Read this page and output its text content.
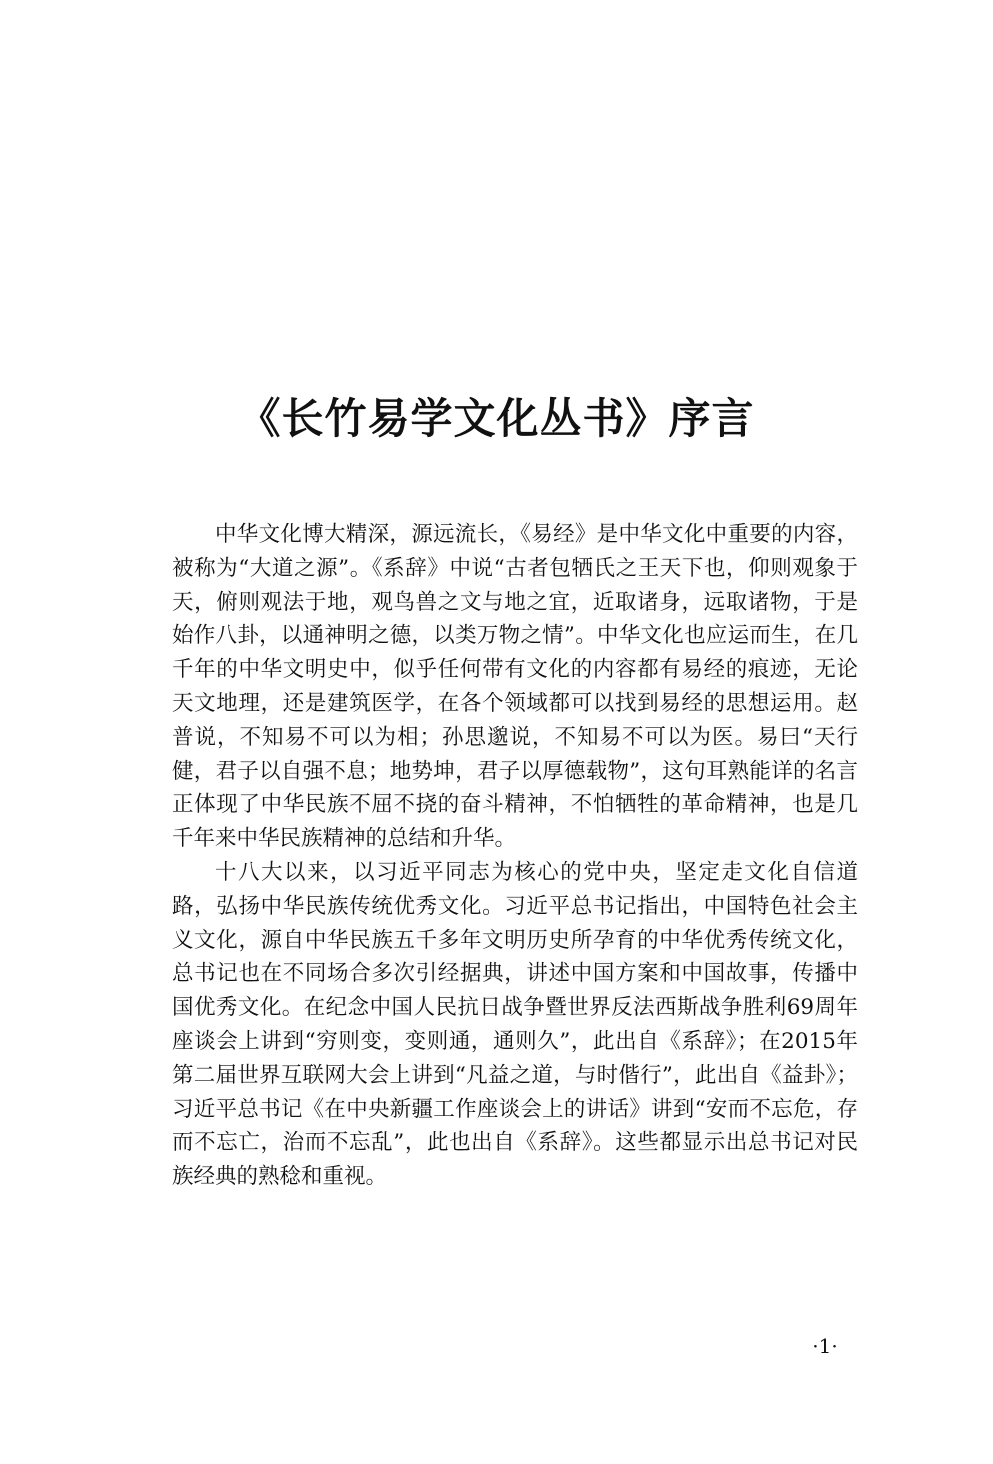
《长竹易学文化丛书》序言

中华文化博大精深，源远流长，《易经》是中华文化中重要的内容，被称为“大道之源”。《系辞》中说“古者包牺氏之王天下也，仰则观象于天，俯则观法于地，观鸟兽之文与地之宜，近取诸身，远取诸物，于是始作八卦，以通神明之德，以类万物之情”。中华文化也应运而生，在几千年的中华文明史中，似乎任何带有文化的内容都有易经的痕迹，无论天文地理，还是建筑医学，在各个领域都可以找到易经的思想运用。赵普说，不知易不可以为相；孙思邈说，不知易不可以为医。易曰“天行健，君子以自强不息；地势坤，君子以厚德载物”，这句耳熟能详的名言正体现了中华民族不屈不挠的奋斗精神，不怕牺牲的革命精神，也是几千年来中华民族精神的总结和升华。

十八大以来，以习近平同志为核心的党中央，坚定走文化自信道路，弘扬中华民族传统优秀文化。习近平总书记指出，中国特色社会主义文化，源自中华民族五千多年文明历史所孕育的中华优秀传统文化，总书记也在不同场合多次引经据典，讲述中国方案和中国故事，传播中国优秀文化。在纪念中国人民抗日战争暨世界反法西斯战争胜利69周年座谈会上讲到“穷则变，变则通，通则久”，此出自《系辞》；在2015年第二届世界互联网大会上讲到“凡益之道，与时偕行”，此出自《益卦》；习近平总书记《在中央新疆工作座谈会上的讲话》讲到“安而不忘危，存而不忘亡，治而不忘乱”，此也出自《系辞》。这些都显示出总书记对民族经典的熟稔和重视。

·1·
